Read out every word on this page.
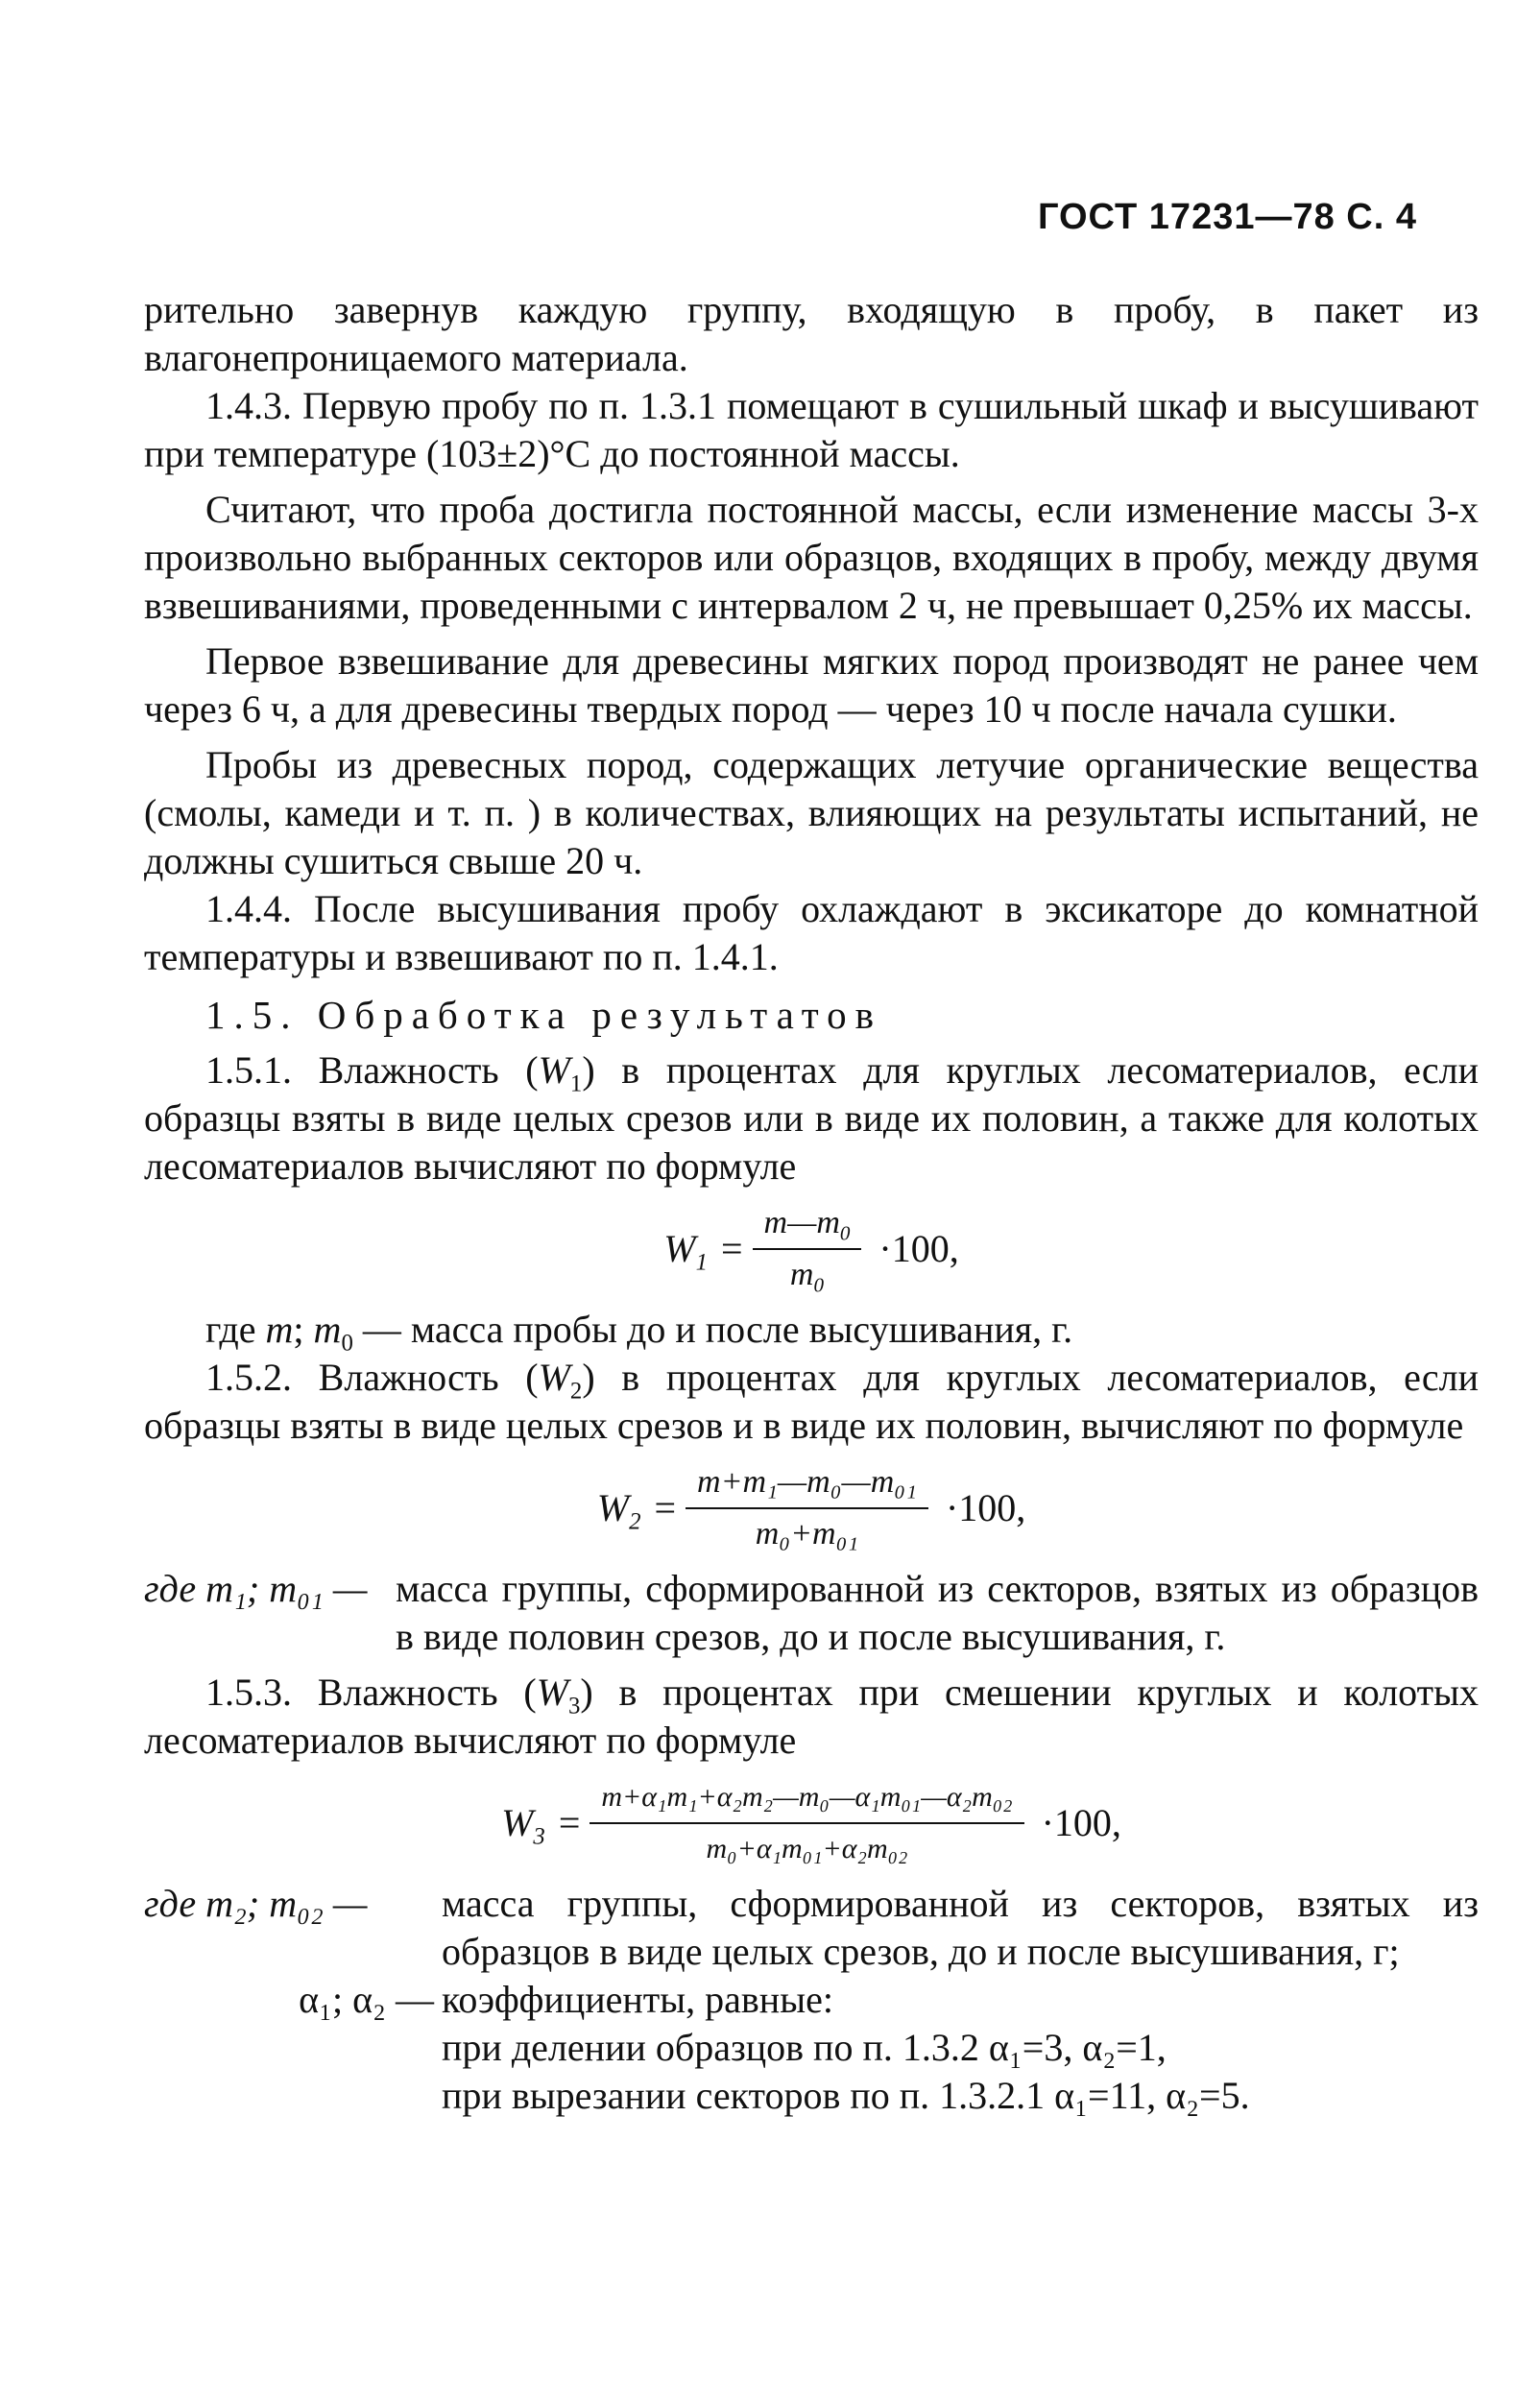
ГОСТ 17231—78 С. 4

рительно завернув каждую группу, входящую в пробу, в пакет из влагонепроницаемого материала.

1.4.3. Первую пробу по п. 1.3.1 помещают в сушильный шкаф и высушивают при температуре (103±2)°С до постоянной массы.

Считают, что проба достигла постоянной массы, если изменение массы 3-х произвольно выбранных секторов или образцов, входящих в пробу, между двумя взвешиваниями, проведенными с интервалом 2 ч, не превышает 0,25% их массы.

Первое взвешивание для древесины мягких пород производят не ранее чем через 6 ч, а для древесины твердых пород — через 10 ч после начала сушки.

Пробы из древесных пород, содержащих летучие органические вещества (смолы, камеди и т. п. ) в количествах, влияющих на результаты испытаний, не должны сушиться свыше 20 ч.

1.4.4. После высушивания пробу охлаждают в эксикаторе до комнатной температуры и взвешивают по п. 1.4.1.

1.5. Обработка результатов

1.5.1. Влажность $(W_1)$ в процентах для круглых лесоматериалов, если образцы взяты в виде целых срезов или в виде их половин, а также для колотых лесоматериалов вычисляют по формуле

$W_1 = \frac{m—m_0}{m_0} \cdot 100$,

где m; $m_0$ — масса пробы до и после высушивания, г.

1.5.2. Влажность $(W_2)$ в процентах для круглых лесоматериалов, если образцы взяты в виде целых срезов и в виде их половин, вычисляют по формуле

$W_2 = \frac{\text{m+m₁—m₀—m₀₁}}{\text{m₀+m₀₁}} \cdot 100$,
где m₁; m₀₁ — масса группы, сформированной из секторов, взятых из образцов в виде половин срезов, до и после высушивания, г.

1.5.3. Влажность $(W_3)$ в процентах при смешении круглых и колотых лесоматериалов вычисляют по формуле

$W_3 = \frac{\text{m+α₁m₁+α₂m₂—m₀—α₁m₀₁—α₂m₀₂}}{\text{m₀+α₁m₀₁+α₂m₀₂}} \cdot 100$,
где m₂; m₀₂ —	масса группы, сформированной из секторов, взятых из образцов в виде целых срезов, до и после высушивания, г;
α₁; α₂ — коэффициенты, равные:
при делении образцов по п. 1.3.2 α₁=3, α₂=1,
при вырезании секторов по п. 1.3.2.1 α₁=11, α₂=5.
